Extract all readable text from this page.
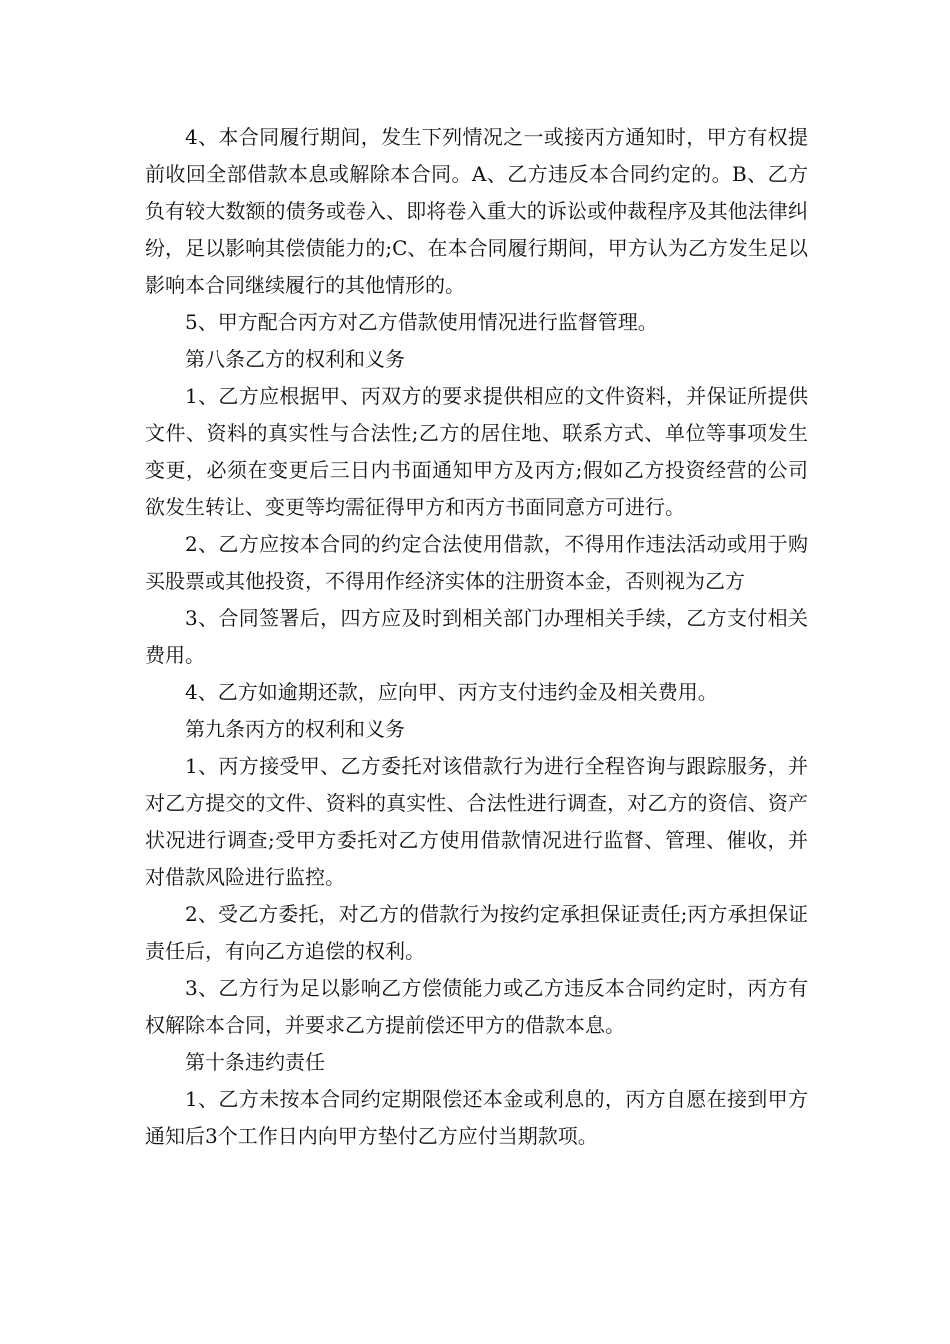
4、本合同履行期间，发生下列情况之一或接丙方通知时，甲方有权提前收回全部借款本息或解除本合同。A、乙方违反本合同约定的。B、乙方负有较大数额的债务或卷入、即将卷入重大的诉讼或仲裁程序及其他法律纠纷，足以影响其偿债能力的;C、在本合同履行期间，甲方认为乙方发生足以影响本合同继续履行的其他情形的。

5、甲方配合丙方对乙方借款使用情况进行监督管理。

第八条乙方的权利和义务

1、乙方应根据甲、丙双方的要求提供相应的文件资料，并保证所提供文件、资料的真实性与合法性;乙方的居住地、联系方式、单位等事项发生变更，必须在变更后三日内书面通知甲方及丙方;假如乙方投资经营的公司欲发生转让、变更等均需征得甲方和丙方书面同意方可进行。

2、乙方应按本合同的约定合法使用借款，不得用作违法活动或用于购买股票或其他投资，不得用作经济实体的注册资本金，否则视为乙方

3、合同签署后，四方应及时到相关部门办理相关手续，乙方支付相关费用。

4、乙方如逾期还款，应向甲、丙方支付违约金及相关费用。

第九条丙方的权利和义务

1、丙方接受甲、乙方委托对该借款行为进行全程咨询与跟踪服务，并对乙方提交的文件、资料的真实性、合法性进行调查，对乙方的资信、资产状况进行调查;受甲方委托对乙方使用借款情况进行监督、管理、催收，并对借款风险进行监控。

2、受乙方委托，对乙方的借款行为按约定承担保证责任;丙方承担保证责任后，有向乙方追偿的权利。

3、乙方行为足以影响乙方偿债能力或乙方违反本合同约定时，丙方有权解除本合同，并要求乙方提前偿还甲方的借款本息。

第十条违约责任

1、乙方未按本合同约定期限偿还本金或利息的，丙方自愿在接到甲方通知后3个工作日内向甲方垫付乙方应付当期款项。
